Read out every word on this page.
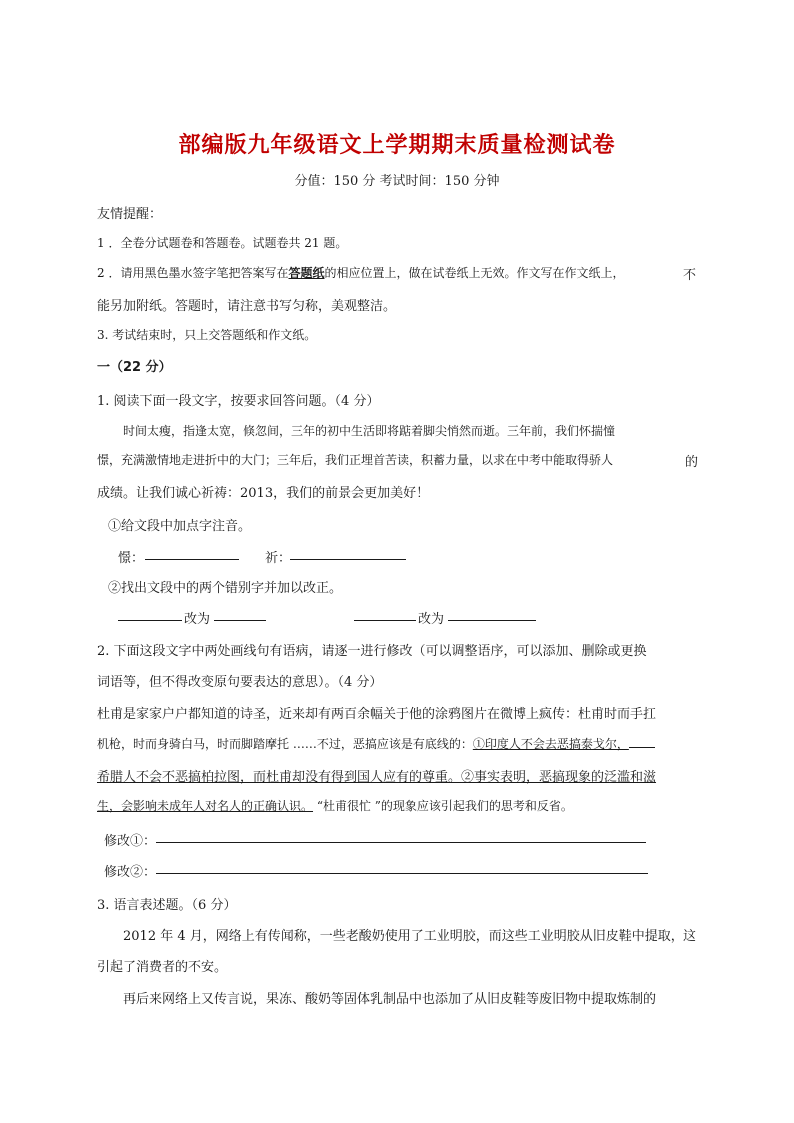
部编版九年级语文上学期期末质量检测试卷
分值：150 分 考试时间：150 分钟
友情提醒：
1 ．全卷分试题卷和答题卷。试题卷共 21 题。
2 ．请用黑色墨水签字笔把答案写在答题纸的相应位置上，做在试卷纸上无效。作文写在作文纸上，	不
能另加附纸。答题时，请注意书写匀称，美观整洁。
3. 考试结束时，只上交答题纸和作文纸。
一（22 分）
1. 阅读下面一段文字，按要求回答问题。（4 分）
时间太瘦，指逢太宽，倏忽间，三年的初中生活即将踮着脚尖悄然而逝。三年前，我们怀揣憧
憬，充满激情地走进折中的大门；三年后，我们正埋首苦读，积蓄力量，以求在中考中能取得骄人	的
成绩。让我们诚心祈祷：2013，我们的前景会更加美好！
①给文段中加点字注音。
憬：	祈：
②找出文段中的两个错别字并加以改正。
改为	改为
2. 下面这段文字中两处画线句有语病，请逐一进行修改（可以调整语序，可以添加、删除或更换
词语等，但不得改变原句要表达的意思）。（4 分）
杜甫是家家户户都知道的诗圣，近来却有两百余幅关于他的涂鸦图片在微博上疯传：杜甫时而手扛
机枪，时而身骑白马，时而脚踏摩托 ……不过，恶搞应该是有底线的：①印度人不会去恶搞泰戈尔，
希腊人不会不恶搞柏拉图，而杜甫却没有得到国人应有的尊重。②事实表明，恶搞现象的泛滥和滋
生，会影响未成年人对名人的正确认识。 “杜甫很忙 ”的现象应该引起我们的思考和反省。
修改①：
修改②：
3. 语言表述题。（6 分）
2012 年 4 月，网络上有传闻称，一些老酸奶使用了工业明胶，而这些工业明胶从旧皮鞋中提取， 这
引起了消费者的不安。
再后来网络上又传言说，果冻、酸奶等固体乳制品中也添加了从旧皮鞋等废旧物中提取炼制的
